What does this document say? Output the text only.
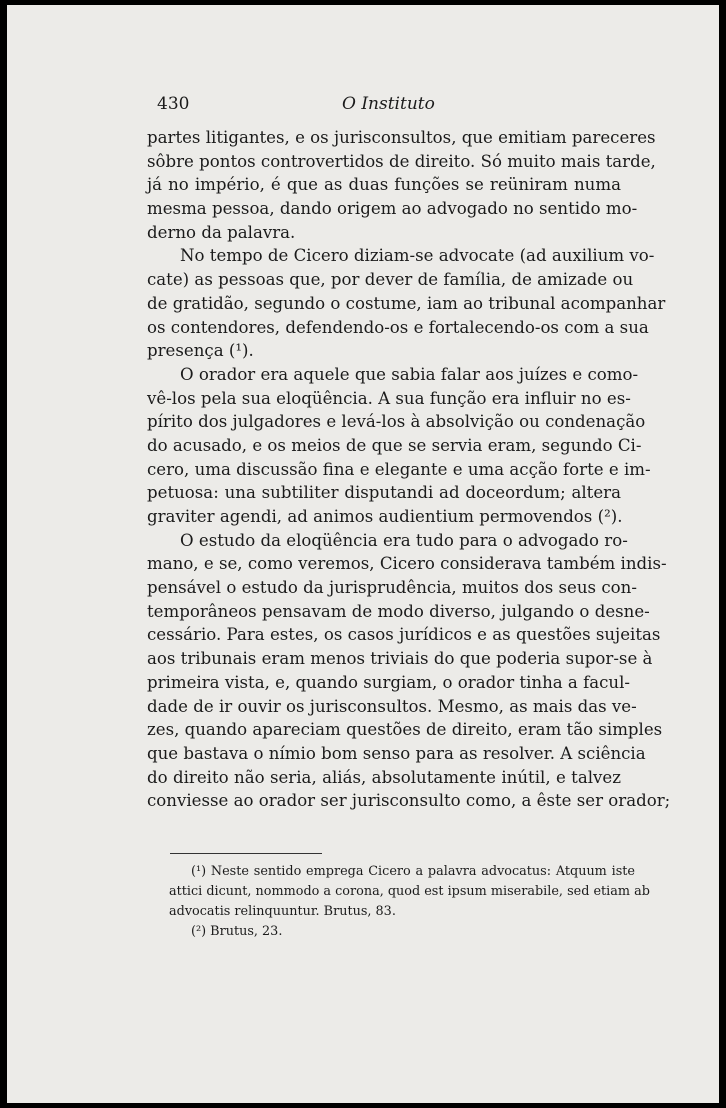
430	O Instituto
partes litigantes, e os jurisconsultos, que emitiam pareceres
sôbre pontos controvertidos de direito. Só muito mais tarde,
já no império, é que as duas funções se reüniram numa
mesma pessoa, dando origem ao advogado no sentido mo-
derno da palavra.
No tempo de Cicero diziam-se advocate (ad auxilium vo-
cate) as pessoas que, por dever de família, de amizade ou
de gratidão, segundo o costume, iam ao tribunal acompanhar
os contendores, defendendo-os e fortalecendo-os com a sua
presença (¹).
O orador era aquele que sabia falar aos juízes e como-
vê-los pela sua eloqüência. A sua função era influir no es-
pírito dos julgadores e levá-los à absolvição ou condenação
do acusado, e os meios de que se servia eram, segundo Ci-
cero, uma discussão fina e elegante e uma acção forte e im-
petuosa: una subtiliter disputandi ad doceordum; altera
graviter agendi, ad animos audientium permovendos (²).
O estudo da eloqüência era tudo para o advogado ro-
mano, e se, como veremos, Cicero considerava também indis-
pensável o estudo da jurisprudência, muitos dos seus con-
temporâneos pensavam de modo diverso, julgando o desne-
cessário. Para estes, os casos jurídicos e as questões sujeitas
aos tribunais eram menos triviais do que poderia supor-se à
primeira vista, e, quando surgiam, o orador tinha a facul-
dade de ir ouvir os jurisconsultos. Mesmo, as mais das ve-
zes, quando apareciam questões de direito, eram tão simples
que bastava o nímio bom senso para as resolver. A sciência
do direito não seria, aliás, absolutamente inútil, e talvez
conviesse ao orador ser jurisconsulto como, a êste ser orador;
(¹) Neste sentido emprega Cicero a palavra advocatus: Atquum iste
attici dicunt, nommodo a corona, quod est ipsum miserabile, sed etiam ab
advocatis relinquuntur. Brutus, 83.
(²) Brutus, 23.
